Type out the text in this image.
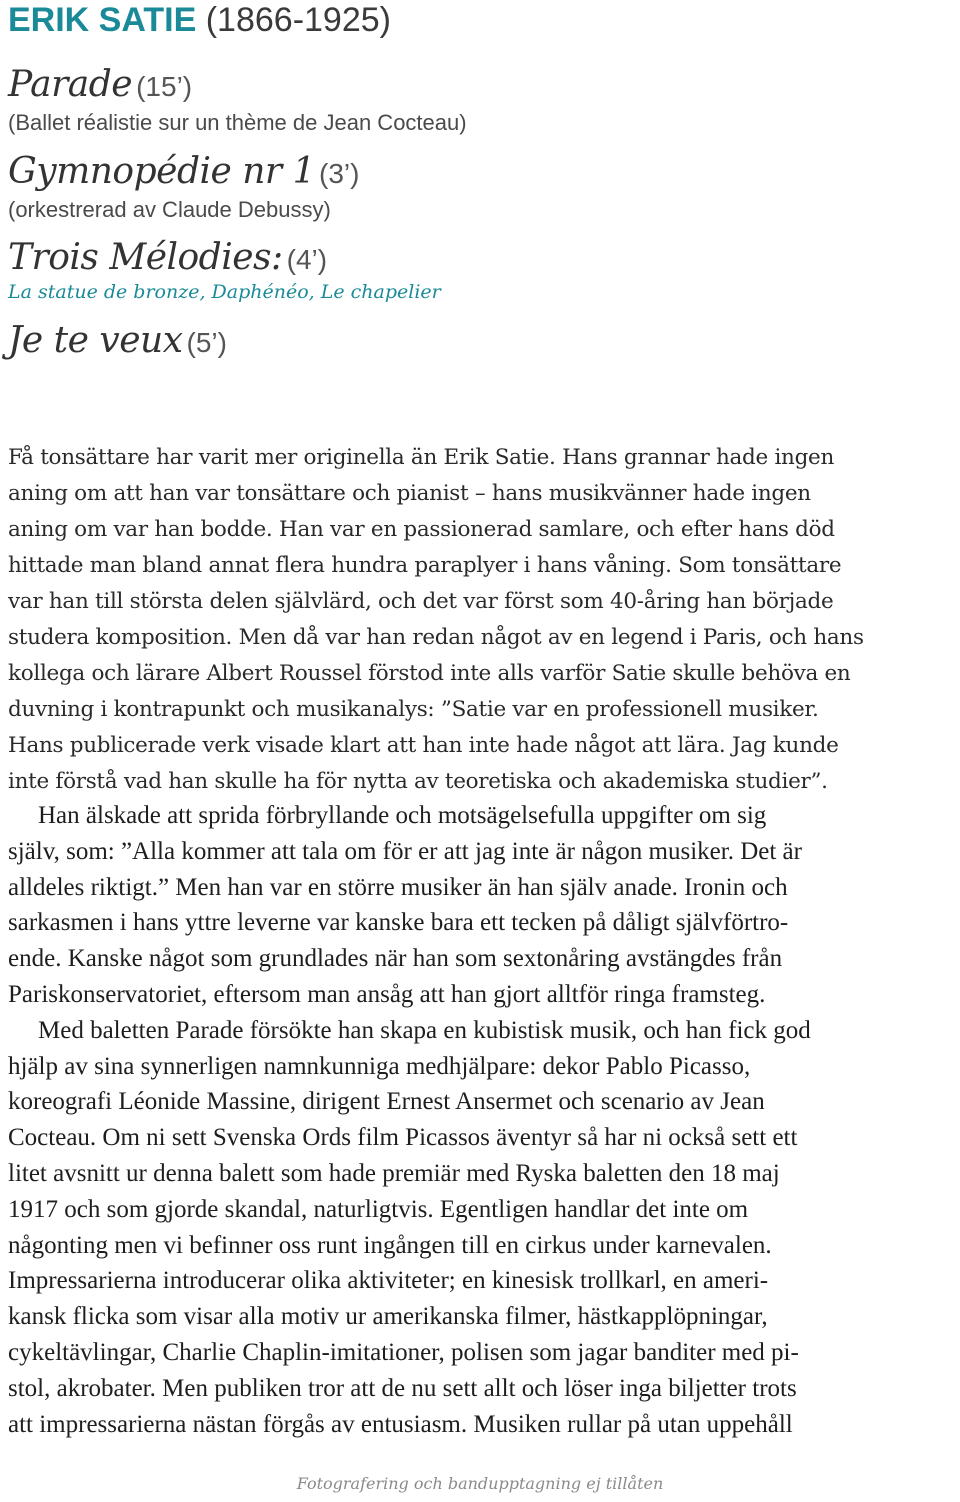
ERIK SATIE (1866-1925)
Parade (15’)
(Ballet réalistie sur un thème de Jean Cocteau)
Gymnopédie nr 1 (3’)
(orkestrerad av Claude Debussy)
Trois Mélodies: (4’)
La statue de bronze, Daphénéo, Le chapelier
Je te veux (5’)
Få tonsättare har varit mer originella än Erik Satie. Hans grannar hade ingen
aning om att han var tonsättare och pianist – hans musikvänner hade ingen
aning om var han bodde. Han var en passionerad samlare, och efter hans död
hittade man bland annat flera hundra paraplyer i hans våning. Som tonsättare
var han till största delen självlärd, och det var först som 40-åring han började
studera komposition. Men då var han redan något av en legend i Paris, och hans
kollega och lärare Albert Roussel förstod inte alls varför Satie skulle behöva en
duvning i kontrapunkt och musikanalys: ”Satie var en professionell musiker.
Hans publicerade verk visade klart att han inte hade något att lära. Jag kunde
inte förstå vad han skulle ha för nytta av teoretiska och akademiska studier”.
Han älskade att sprida förbryllande och motsägelsefulla uppgifter om sig
själv, som: ”Alla kommer att tala om för er att jag inte är någon musiker. Det är
alldeles riktigt.” Men han var en större musiker än han själv anade. Ironin och
sarkasmen i hans yttre leverne var kanske bara ett tecken på dåligt självförtro-
ende. Kanske något som grundlades när han som sextonåring avstängdes från
Pariskonservatoriet, eftersom man ansåg att han gjort alltför ringa framsteg.
Med baletten Parade försökte han skapa en kubistisk musik, och han fick god
hjälp av sina synnerligen namnkunniga medhjälpare: dekor Pablo Picasso,
koreografi Léonide Massine, dirigent Ernest Ansermet och scenario av Jean
Cocteau. Om ni sett Svenska Ords film Picassos äventyr så har ni också sett ett
litet avsnitt ur denna balett som hade premiär med Ryska baletten den 18 maj
1917 och som gjorde skandal, naturligtvis. Egentligen handlar det inte om
någonting men vi befinner oss runt ingången till en cirkus under karnevalen.
Impressarierna introducerar olika aktiviteter; en kinesisk trollkarl, en ameri-
kansk flicka som visar alla motiv ur amerikanska filmer, hästkapplöpningar,
cykeltävlingar, Charlie Chaplin-imitationer, polisen som jagar banditer med pi-
stol, akrobater. Men publiken tror att de nu sett allt och löser inga biljetter trots
att impressarierna nästan förgås av entusiasm. Musiken rullar på utan uppehåll
Fotografering och bandupptagning ej tillåten
